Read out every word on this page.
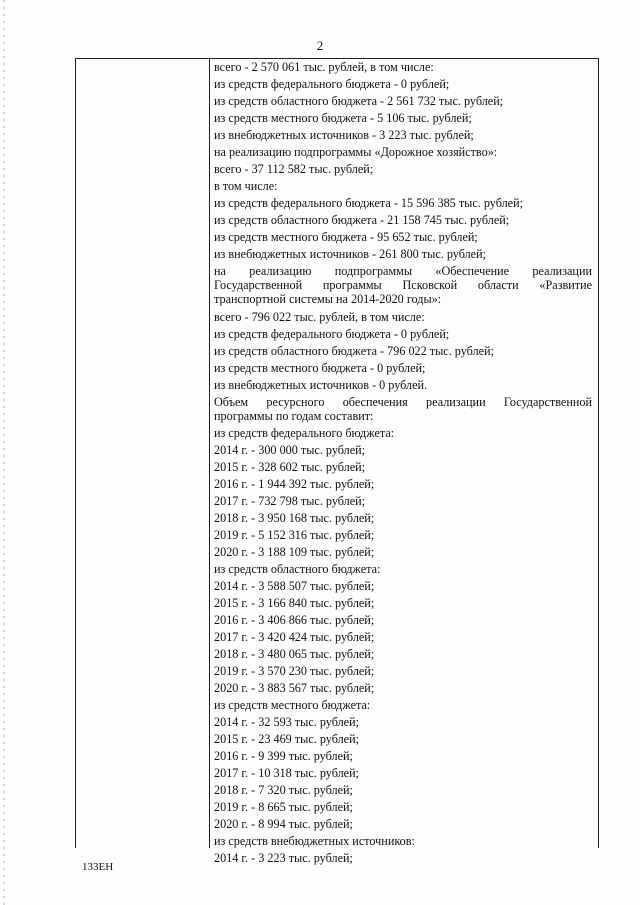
2
всего - 2 570 061 тыс. рублей, в том числе:
из средств федерального бюджета - 0 рублей;
из средств областного бюджета - 2 561 732 тыс. рублей;
из средств местного бюджета - 5 106 тыс. рублей;
из внебюджетных источников - 3 223 тыс. рублей;
на реализацию подпрограммы «Дорожное хозяйство»:
всего - 37 112 582 тыс. рублей;
в том числе:
из средств федерального бюджета - 15 596 385 тыс. рублей;
из средств областного бюджета - 21 158 745 тыс. рублей;
из средств местного бюджета - 95 652 тыс. рублей;
из внебюджетных источников - 261 800 тыс. рублей;
на реализацию подпрограммы «Обеспечение реализации Государственной программы Псковской области «Развитие транспортной системы на 2014-2020 годы»:
всего - 796 022 тыс. рублей, в том числе:
из средств федерального бюджета - 0 рублей;
из средств областного бюджета - 796 022 тыс. рублей;
из средств местного бюджета - 0 рублей;
из внебюджетных источников - 0 рублей.
Объем ресурсного обеспечения реализации Государственной программы по годам составит:
из средств федерального бюджета:
2014 г. - 300 000 тыс. рублей;
2015 г. - 328 602 тыс. рублей;
2016 г. - 1 944 392 тыс. рублей;
2017 г. - 732 798 тыс. рублей;
2018 г. - 3 950 168 тыс. рублей;
2019 г. - 5 152 316 тыс. рублей;
2020 г. - 3 188 109 тыс. рублей;
из средств областного бюджета:
2014 г. - 3 588 507 тыс. рублей;
2015 г. - 3 166 840 тыс. рублей;
2016 г. - 3 406 866 тыс. рублей;
2017 г. - 3 420 424 тыс. рублей;
2018 г. - 3 480 065 тыс. рублей;
2019 г. - 3 570 230 тыс. рублей;
2020 г. - 3 883 567 тыс. рублей;
из средств местного бюджета:
2014 г. - 32 593 тыс. рублей;
2015 г. - 23 469 тыс. рублей;
2016 г. - 9 399 тыс. рублей;
2017 г. - 10 318 тыс. рублей;
2018 г. - 7 320 тыс. рублей;
2019 г. - 8 665 тыс. рублей;
2020 г. - 8 994 тыс. рублей;
из средств внебюджетных источников:
2014 г. - 3 223 тыс. рублей;
133ЕН
